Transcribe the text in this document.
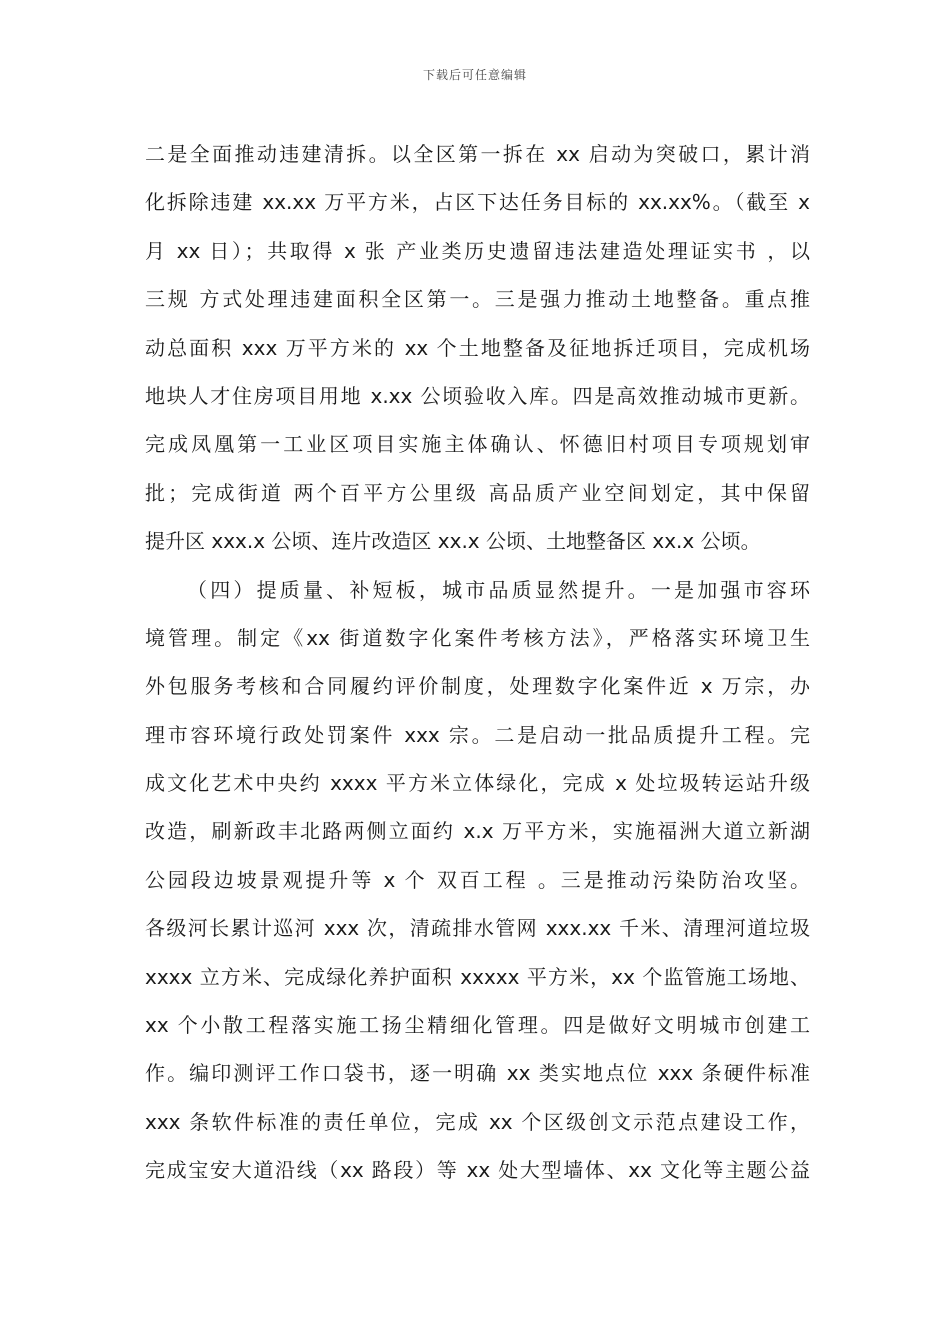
下载后可任意编辑
二是全面推动违建清拆。以全区第一拆在 xx 启动为突破口，累计消
化拆除违建 xx.xx 万平方米，占区下达任务目标的 xx.xx%。（截至 x
月 xx 日）；共取得 x 张 产业类历史遗留违法建造处理证实书 ，以
三规 方式处理违建面积全区第一。三是强力推动土地整备。重点推
动总面积 xxx 万平方米的 xx 个土地整备及征地拆迁项目，完成机场
地块人才住房项目用地 x.xx 公顷验收入库。四是高效推动城市更新。
完成凤凰第一工业区项目实施主体确认、怀德旧村项目专项规划审
批；完成街道 两个百平方公里级 高品质产业空间划定，其中保留
提升区 xxx.x 公顷、连片改造区 xx.x 公顷、土地整备区 xx.x 公顷。
（四）提质量、补短板，城市品质显然提升。一是加强市容环
境管理。制定《xx 街道数字化案件考核方法》，严格落实环境卫生
外包服务考核和合同履约评价制度，处理数字化案件近 x 万宗，办
理市容环境行政处罚案件 xxx 宗。二是启动一批品质提升工程。完
成文化艺术中央约 xxxx 平方米立体绿化，完成 x 处垃圾转运站升级
改造，刷新政丰北路两侧立面约 x.x 万平方米，实施福洲大道立新湖
公园段边坡景观提升等 x 个 双百工程 。三是推动污染防治攻坚。
各级河长累计巡河 xxx 次，清疏排水管网 xxx.xx 千米、清理河道垃圾
xxxx 立方米、完成绿化养护面积 xxxxx 平方米，xx 个监管施工场地、
xx 个小散工程落实施工扬尘精细化管理。四是做好文明城市创建工
作。编印测评工作口袋书，逐一明确 xx 类实地点位 xxx 条硬件标准
xxx 条软件标准的责任单位，完成 xx 个区级创文示范点建设工作，
完成宝安大道沿线（xx 路段）等 xx 处大型墙体、xx 文化等主题公益
